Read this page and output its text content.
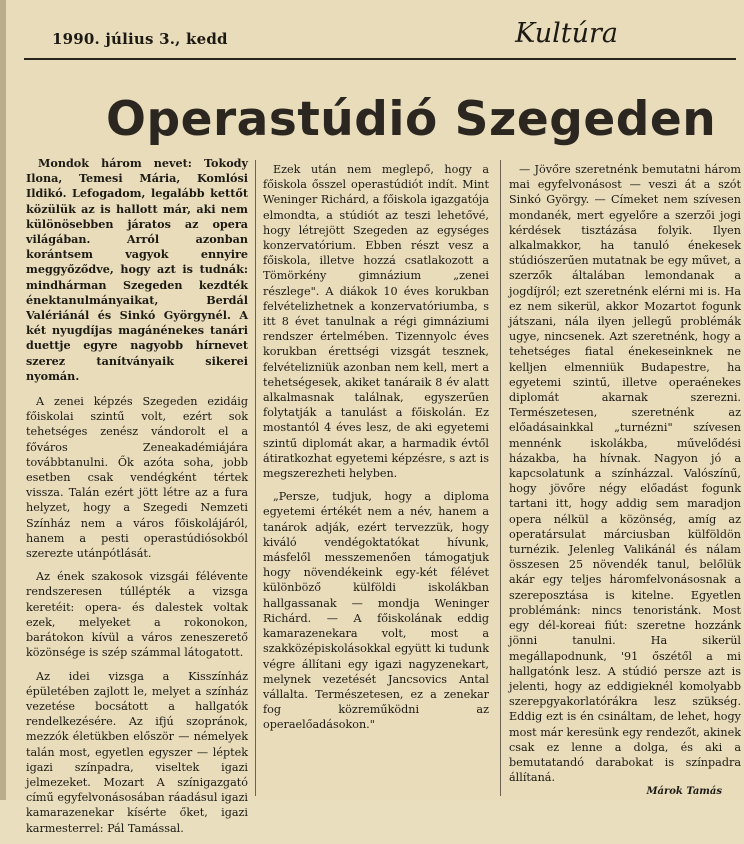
1990. július 3., kedd	Kultúra
Operastúdió Szegeden

Mondok három nevet: Tokody Ilona, Temesi Mária, Komlósi Ildikó. Lefogadom, legalább kettőt közülük az is hallott már, aki nem különösebben járatos az opera világában. Arról azonban korántsem vagyok ennyire meggyőződve, hogy azt is tudnák: mindhárman Szegeden kezdték énektanulmányaikat, Berdál Valériánál és Sinkó Györgynél. A két nyugdíjas magánénekes tanári duettje egyre nagyobb hírnevet szerez tanítványaik sikerei nyomán.

A zenei képzés Szegeden ezidáig főiskolai szintű volt, ezért sok tehetséges zenész vándorolt el a főváros Zeneakadémiájára továbbtanulni. Ők azóta soha, jobb esetben csak vendégként tértek vissza. Talán ezért jött létre az a fura helyzet, hogy a Szegedi Nemzeti Színház nem a város főiskolájáról, hanem a pesti operastúdiósokból szerezte utánpótlását.

Az ének szakosok vizsgái félévente rendszeresen túllépték a vizsga keretéit: opera- és dalestek voltak ezek, melyeket a rokonokon, barátokon kívül a város zeneszerető közönsége is szép számmal látogatott.

Az idei vizsga a Kisszínház épületében zajlott le, melyet a színház vezetése bocsátott a hallgatók rendelkezésére. Az ifjú szopránok, mezzók életükben először — némelyek talán most, egyetlen egyszer — léptek igazi színpadra, viseltek igazi jelmezeket. Mozart A színigazgató című egyfelvonásosában ráadásul igazi kamarazenekar kísérte őket, igazi karmesterrel: Pál Tamással.

Ezek után nem meglepő, hogy a főiskola ősszel operastúdiót indít. Mint Weninger Richárd, a főiskola igazgatója elmondta, a stúdiót az teszi lehetővé, hogy létrejött Szegeden az egységes konzervatórium. Ebben részt vesz a főiskola, illetve hozzá csatlakozott a Tömörkény gimnázium „zenei részlege". A diákok 10 éves korukban felvételizhetnek a konzervatóriumba, s itt 8 évet tanulnak a régi gimnáziumi rendszer értelmében. Tizennyolc éves korukban érettségi vizsgát tesznek, felvételizniük azonban nem kell, mert a tehetségesek, akiket tanáraik 8 év alatt alkalmasnak találnak, egyszerűen folytatják a tanulást a főiskolán. Ez mostantól 4 éves lesz, de aki egyetemi szintű diplomát akar, a harmadik évtől átiratkozhat egyetemi képzésre, s azt is megszerezheti helyben.

„Persze, tudjuk, hogy a diploma egyetemi értékét nem a név, hanem a tanárok adják, ezért tervezzük, hogy kiváló vendégoktatókat hívunk, másfelől messzemenően támogatjuk hogy növendékeink egy-két félévet különböző külföldi iskolákban hallgassanak — mondja Weninger Richárd. — A főiskolának eddig kamarazenekara volt, most a szakközépiskolásokkal együtt ki tudunk végre állítani egy igazi nagyzenekart, melynek vezetését Jancsovics Antal vállalta. Természetesen, ez a zenekar fog közreműködni az operaelőadásokon."

— Jövőre szeretnénk bemutatni három mai egyfelvonásost — veszi át a szót Sinkó György. — Címeket nem szívesen mondanék, mert egyelőre a szerzői jogi kérdések tisztázása folyik. Ilyen alkalmakkor, ha tanuló énekesek stúdiószerűen mutatnak be egy művet, a szerzők általában lemondanak a jogdíjról; ezt szeretnénk elérni mi is. Ha ez nem sikerül, akkor Mozartot fogunk játszani, nála ilyen jellegű problémák ugye, nincsenek. Azt szeretnénk, hogy a tehetséges fiatal énekeseinknek ne kelljen elmenniük Budapestre, ha egyetemi szintű, illetve operaénekes diplomát akarnak szerezni. Természetesen, szeretnénk az előadásainkkal „turnézni" szívesen mennénk iskolákba, művelődési házakba, ha hívnak. Nagyon jó a kapcsolatunk a színházzal. Valószínű, hogy jövőre négy előadást fogunk tartani itt, hogy addig sem maradjon opera nélkül a közönség, amíg az operatársulat márciusban külföldön turnézik. Jelenleg Valikánál és nálam összesen 25 növendék tanul, belőlük akár egy teljes háromfelvonásosnak a szereposztása is kitelne. Egyetlen problémánk: nincs tenoristánk. Most egy dél-koreai fiút: szeretne hozzánk jönni tanulni. Ha sikerül megállapodnunk, '91 őszétől a mi hallgatónk lesz. A stúdió persze azt is jelenti, hogy az eddigieknél komolyabb szerepgyakorlatórákra lesz szükség. Eddig ezt is én csináltam, de lehet, hogy most már keresünk egy rendezőt, akinek csak ez lenne a dolga, és aki a bemutatandó darabokat is színpadra állítaná.

Márok Tamás
